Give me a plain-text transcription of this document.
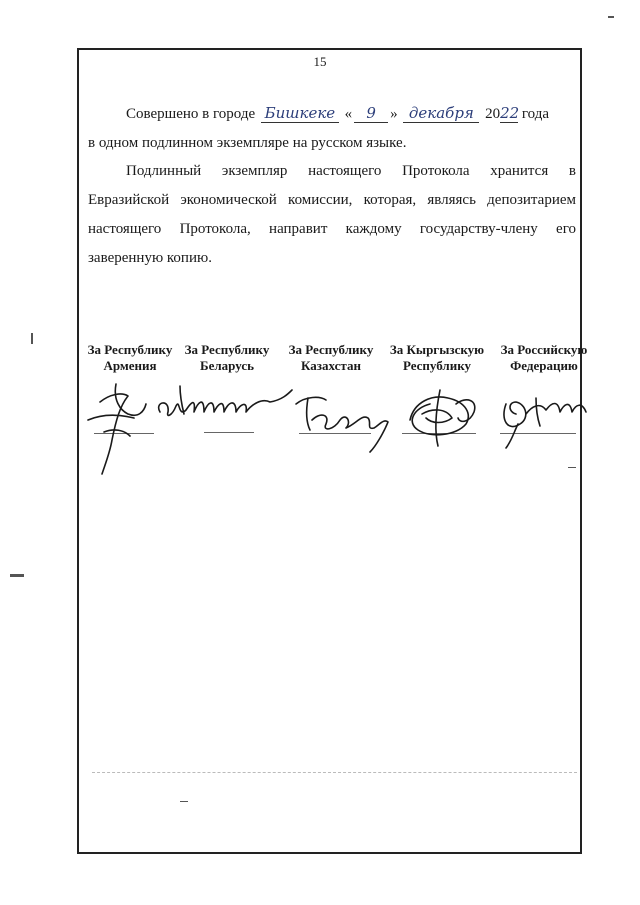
15

Совершено в городе Бишкеке « 9 » декабря 2022 года
в одном подлинном экземпляре на русском языке.

Подлинный экземпляр настоящего Протокола хранится в Евразийской экономической комиссии, которая, являясь депозитарием настоящего Протокола, направит каждому государству-члену его заверенную копию.

За Республику
Армения
За Республику
Беларусь
За Республику
Казахстан
За Кыргызскую
Республику
За Российскую
Федерацию
